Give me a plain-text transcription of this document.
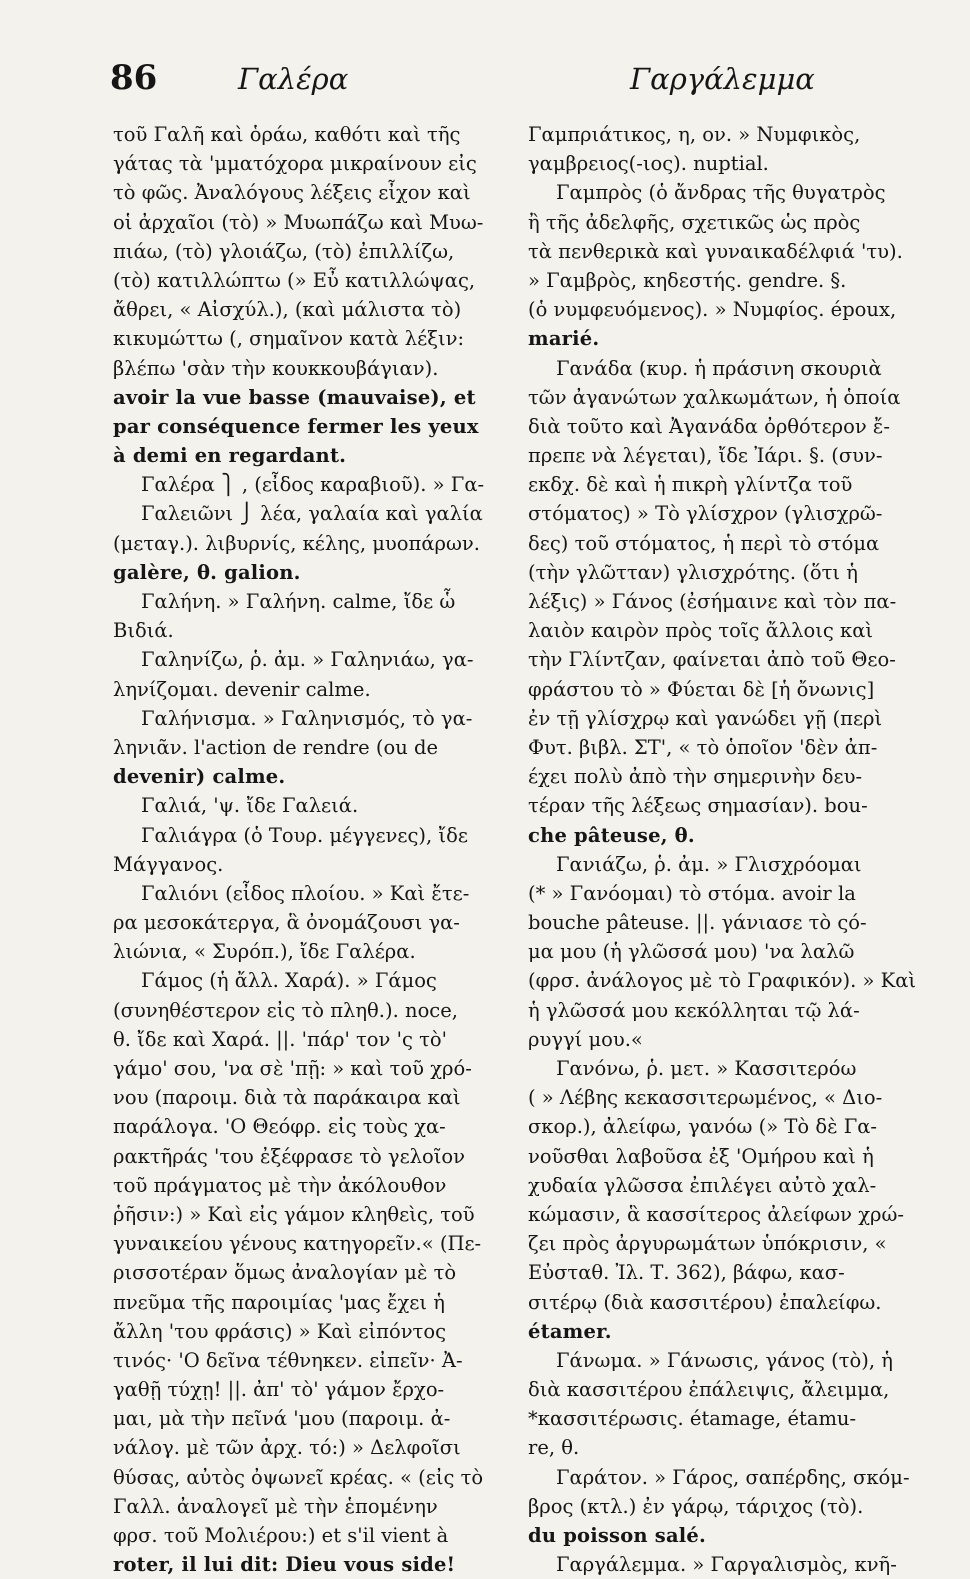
86	Γαλέρα	Γαργάλεμμα
τοῦ Γαλῆ καὶ ὁράω, καθότι καὶ τῆς
γάτας τὰ 'μματόχορα μικραίνουν εἰς
τὸ φῶς. Ἀναλόγους λέξεις εἶχον καὶ
οἱ ἀρχαῖοι (τὸ) » Μυωπάζω καὶ Μυω-
πιάω, (τὸ) γλοιάζω, (τὸ) ἐπιλλίζω,
(τὸ) κατιλλώπτω (» Εὖ κατιλλώψας,
ἄθρει, « Αἰσχύλ.), (καὶ μάλιστα τὸ)
κικυμώττω (, σημαῖνον κατὰ λέξιν:
βλέπω 'σὰν τὴν κουκκουβάγιαν).
avoir la vue basse (mauvaise), et
par conséquence fermer les yeux
à demi en regardant.
Γαλέρα ⎫ , (εἶδος καραβιοῦ). » Γα-
Γαλειῶνι ⎭ λέα, γαλαία καὶ γαλία
(μεταγ.). λιβυρνίς, κέλης, μυοπάρων.
galère, θ. galion.
Γαλήνη. » Γαλήνη. calme, ἴδε ὧ
Βιδιά.
Γαληνίζω, ῥ. ἀμ. » Γαληνιάω, γα-
ληνίζομαι. devenir calme.
Γαλήνισμα. » Γαληνισμός, τὸ γα-
ληνιᾶν. l'action de rendre (ou de
devenir) calme.
Γαλιά, 'ψ. ἴδε Γαλειά.
Γαλιάγρα (ὁ Τουρ. μέγγενες), ἴδε
Μάγγανος.
Γαλιόνι (εἶδος πλοίου. » Καὶ ἔτε-
ρα μεσοκάτεργα, ἃ ὀνομάζουσι γα-
λιώνια, « Συρόπ.), ἴδε Γαλέρα.
Γάμος (ἡ ἄλλ. Χαρά). » Γάμος
(συνηθέστερον εἰς τὸ πληθ.). noce,
θ. ἴδε καὶ Χαρά. ||. 'πάρ' τον 'ς τὸ'
γάμο' σου, 'να σὲ 'πῇ: » καὶ τοῦ χρό-
νου (παροιμ. διὰ τὰ παράκαιρα καὶ
παράλογα. 'Ο Θεόφρ. εἰς τοὺς χα-
ρακτῆράς 'του ἐξέφρασε τὸ γελοῖον
τοῦ πράγματος μὲ τὴν ἀκόλουθον
ῥῆσιν:) » Καὶ εἰς γάμον κληθεὶς, τοῦ
γυναικείου γένους κατηγορεῖν.« (Πε-
ρισσοτέραν ὅμως ἀναλογίαν μὲ τὸ
πνεῦμα τῆς παροιμίας 'μας ἔχει ἡ
ἄλλη 'του φράσις) » Καὶ εἰπόντος
τινός· 'Ο δεῖνα τέθνηκεν. εἰπεῖν· Ἀ-
γαθῇ τύχῃ! ||. ἀπ' τὸ' γάμον ἔρχο-
μαι, μὰ τὴν πεῖνά 'μου (παροιμ. ἀ-
νάλογ. μὲ τῶν ἀρχ. τό:) » Δελφοῖσι
θύσας, αὐτὸς ὀψωνεῖ κρέας. « (εἰς τὸ
Γαλλ. ἀναλογεῖ μὲ τὴν ἑπομένην
φρσ. τοῦ Μολιέρου:) et s'il vient à
roter, il lui dit: Dieu vous side!
Γαμπριάτικος, η, ον. » Νυμφικὸς,
γαμβρειος(-ιος). nuptial.
Γαμπρὸς (ὁ ἄνδρας τῆς θυγατρὸς
ἢ τῆς ἀδελφῆς, σχετικῶς ὡς πρὸς
τὰ πενθερικὰ καὶ γυναικαδέλφιά 'τυ).
» Γαμβρὸς, κηδεστής. gendre. §.
(ὁ νυμφευόμενος). » Νυμφίος. époux,
marié.
Γανάδα (κυρ. ἡ πράσινη σκουριὰ
τῶν ἀγανώτων χαλκωμάτων, ἡ ὁποία
διὰ τοῦτο καὶ Ἀγανάδα ὀρθότερον ἔ-
πρεπε νὰ λέγεται), ἴδε Ἰάρι. §. (συν-
εκδχ. δὲ καὶ ἡ πικρὴ γλίντζα τοῦ
στόματος) » Τὸ γλίσχρον (γλισχρῶ-
δες) τοῦ στόματος, ἡ περὶ τὸ στόμα
(τὴν γλῶτταν) γλισχρότης. (ὅτι ἡ
λέξις) » Γάνος (ἐσήμαινε καὶ τὸν πα-
λαιὸν καιρὸν πρὸς τοῖς ἄλλοις καὶ
τὴν Γλίντζαν, φαίνεται ἀπὸ τοῦ Θεο-
φράστου τὸ » Φύεται δὲ [ἡ ὄνωνις]
ἐν τῇ γλίσχρῳ καὶ γανώδει γῇ (περὶ
Φυτ. βιβλ. ΣΤ', « τὸ ὁποῖον 'δὲν ἀπ-
έχει πολὺ ἀπὸ τὴν σημερινὴν δευ-
τέραν τῆς λέξεως σημασίαν). bou-
che pâteuse, θ.
Γανιάζω, ῥ. ἀμ. » Γλισχρόομαι
(* » Γανόομαι) τὸ στόμα. avoir la
bouche pâteuse. ||. γάνιασε τὸ ςό-
μα μου (ἡ γλῶσσά μου) 'να λαλῶ
(φρσ. ἀνάλογος μὲ τὸ Γραφικόν). » Καὶ
ἡ γλῶσσά μου κεκόλληται τῷ λά-
ρυγγί μου.«
Γανόνω, ῥ. μετ. » Κασσιτερόω
( » Λέβης κεκασσιτερωμένος, « Διο-
σκορ.), ἀλείφω, γανόω (» Τὸ δὲ Γα-
νοῦσθαι λαβοῦσα ἐξ 'Ομήρου καὶ ἡ
χυδαία γλῶσσα ἐπιλέγει αὐτὸ χαλ-
κώμασιν, ἃ κασσίτερος ἀλείφων χρώ-
ζει πρὸς ἀργυρωμάτων ὑπόκρισιν, «
Εὐσταθ. Ἰλ. Τ. 362), βάφω, κασ-
σιτέρῳ (διὰ κασσιτέρου) ἐπαλείφω.
étamer.
Γάνωμα. » Γάνωσις, γάνος (τὸ), ἡ
διὰ κασσιτέρου ἐπάλειψις, ἄλειμμα,
*κασσιτέρωσις. étamage, étamu-
re, θ.
Γαράτον. » Γάρος, σαπέρδης, σκόμ-
βρος (κτλ.) ἐν γάρῳ, τάριχος (τὸ).
du poisson salé.
Γαργάλεμμα. » Γαργαλισμὸς, κνῆ-
